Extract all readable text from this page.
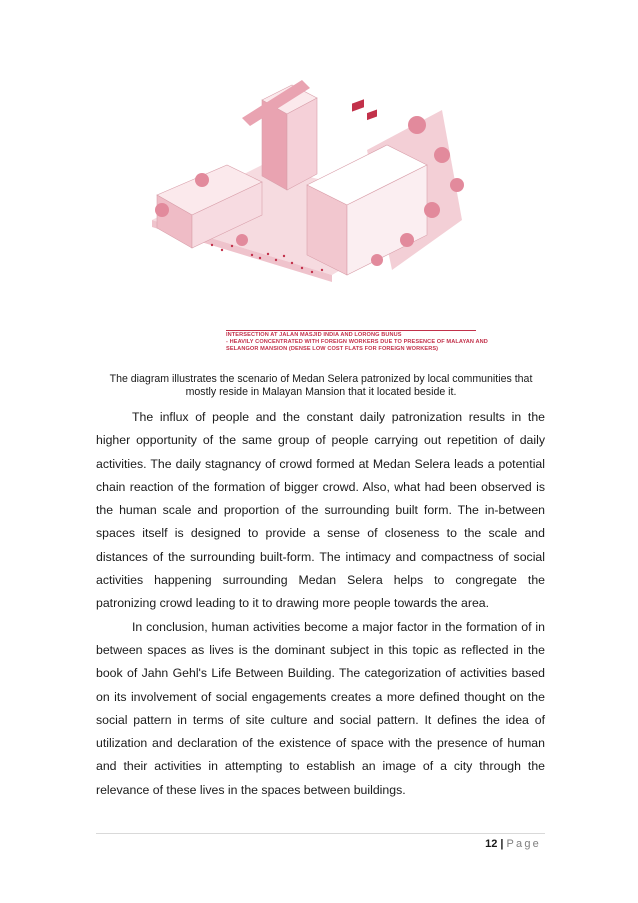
INTERSECTION AT JALAN MASJID INDIA AND LORONG BUNUS
- HEAVILY CONCENTRATED WITH FOREIGN WORKERS DUE TO PRESENCE OF MALAYAN AND
SELANGOR MANSION (DENSE LOW COST FLATS FOR FOREIGN WORKERS)
The diagram illustrates the scenario of Medan Selera patronized by local communities that mostly reside in Malayan Mansion that it located beside it.

The influx of people and the constant daily patronization results in the higher opportunity of the same group of people carrying out repetition of daily activities. The daily stagnancy of crowd formed at Medan Selera leads a potential chain reaction of the formation of bigger crowd. Also, what had been observed is the human scale and proportion of the surrounding built form. The in-between spaces itself is designed to provide a sense of closeness to the scale and distances of the surrounding built-form. The intimacy and compactness of social activities happening surrounding Medan Selera helps to congregate the patronizing crowd leading to it to drawing more people towards the area.

In conclusion, human activities become a major factor in the formation of in between spaces as lives is the dominant subject in this topic as reflected in the book of Jahn Gehl's Life Between Building. The categorization of activities based on its involvement of social engagements creates a more defined thought on the social pattern in terms of site culture and social pattern. It defines the idea of utilization and declaration of the existence of space with the presence of human and their activities in attempting to establish an image of a city through the relevance of these lives in the spaces between buildings.

12 | Page
